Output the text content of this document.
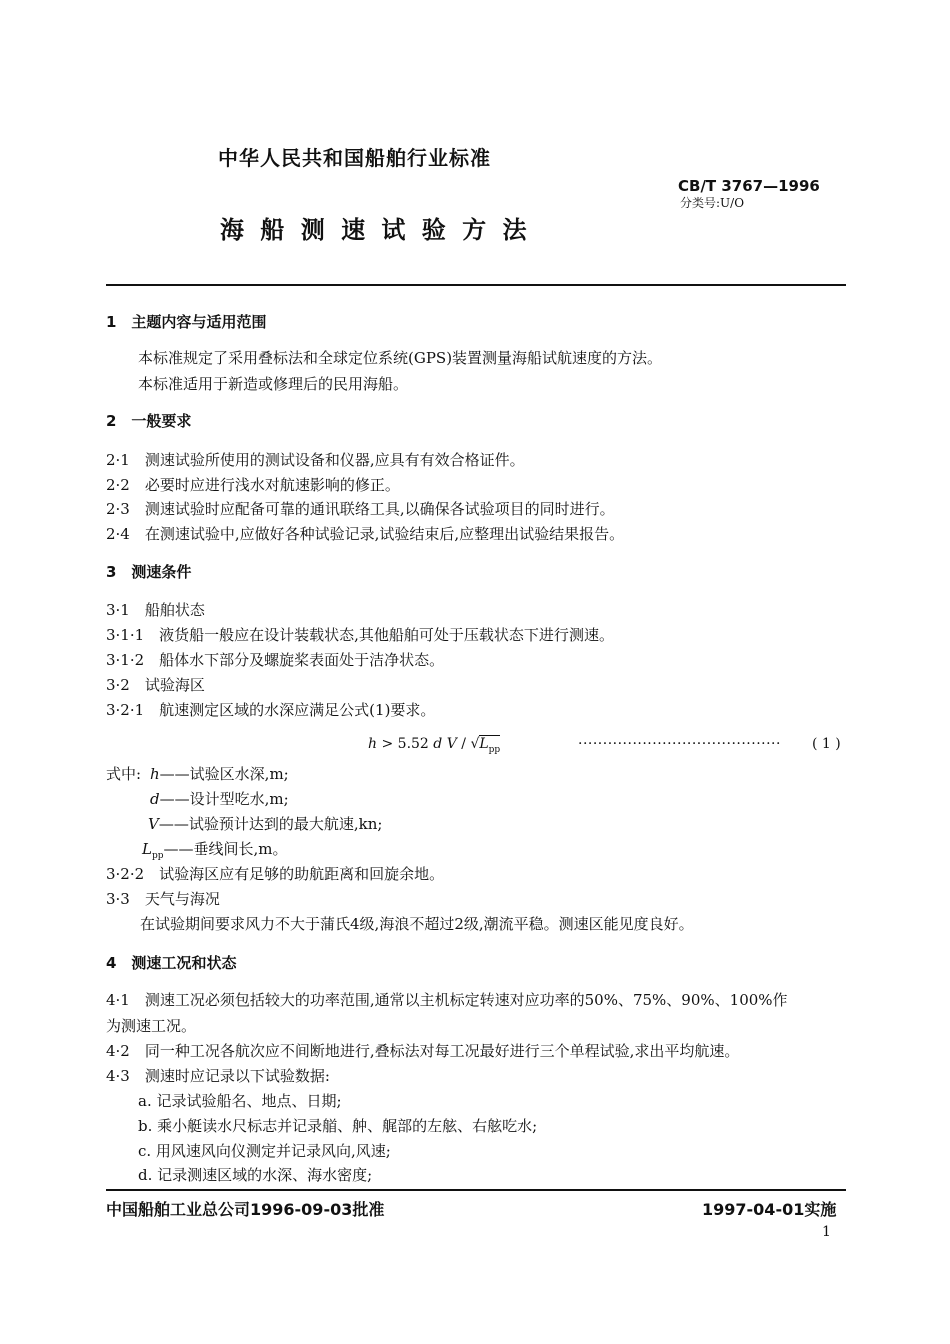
中华人民共和国船舶行业标准
CB/T 3767—1996
分类号:U/O
海 船 测 速 试 验 方 法
1　主题内容与适用范围
本标准规定了采用叠标法和全球定位系统(GPS)装置测量海船试航速度的方法。
本标准适用于新造或修理后的民用海船。
2　一般要求
2·1　测速试验所使用的测试设备和仪器,应具有有效合格证件。
2·2　必要时应进行浅水对航速影响的修正。
2·3　测速试验时应配备可靠的通讯联络工具,以确保各试验项目的同时进行。
2·4　在测速试验中,应做好各种试验记录,试验结束后,应整理出试验结果报告。
3　测速条件
3·1　船舶状态
3·1·1　液货船一般应在设计装载状态,其他船舶可处于压载状态下进行测速。
3·1·2　船体水下部分及螺旋桨表面处于洁净状态。
3·2　试验海区
3·2·1　航速测定区域的水深应满足公式(1)要求。
h > 5.52 d V / $√L_{pp}$	········································· ( 1 )
式中: h——试验区水深,m;
d——设计型吃水,m;
V——试验预计达到的最大航速,kn;
$L_{pp}——$垂线间长,m。
3·2·2　试验海区应有足够的助航距离和回旋余地。
3·3　天气与海况
在试验期间要求风力不大于蒲氏4级,海浪不超过2级,潮流平稳。测速区能见度良好。
4　测速工况和状态
4·1　测速工况必须包括较大的功率范围,通常以主机标定转速对应功率的50%、75%、90%、100%作
为测速工况。
4·2　同一种工况各航次应不间断地进行,叠标法对每工况最好进行三个单程试验,求出平均航速。
4·3　测速时应记录以下试验数据:
a. 记录试验船名、地点、日期;
b. 乘小艇读水尺标志并记录艏、舯、艉部的左舷、右舷吃水;
c. 用风速风向仪测定并记录风向,风速;
d. 记录测速区域的水深、海水密度;
中国船舶工业总公司1996-09-03批准	1997-04-01实施
1
